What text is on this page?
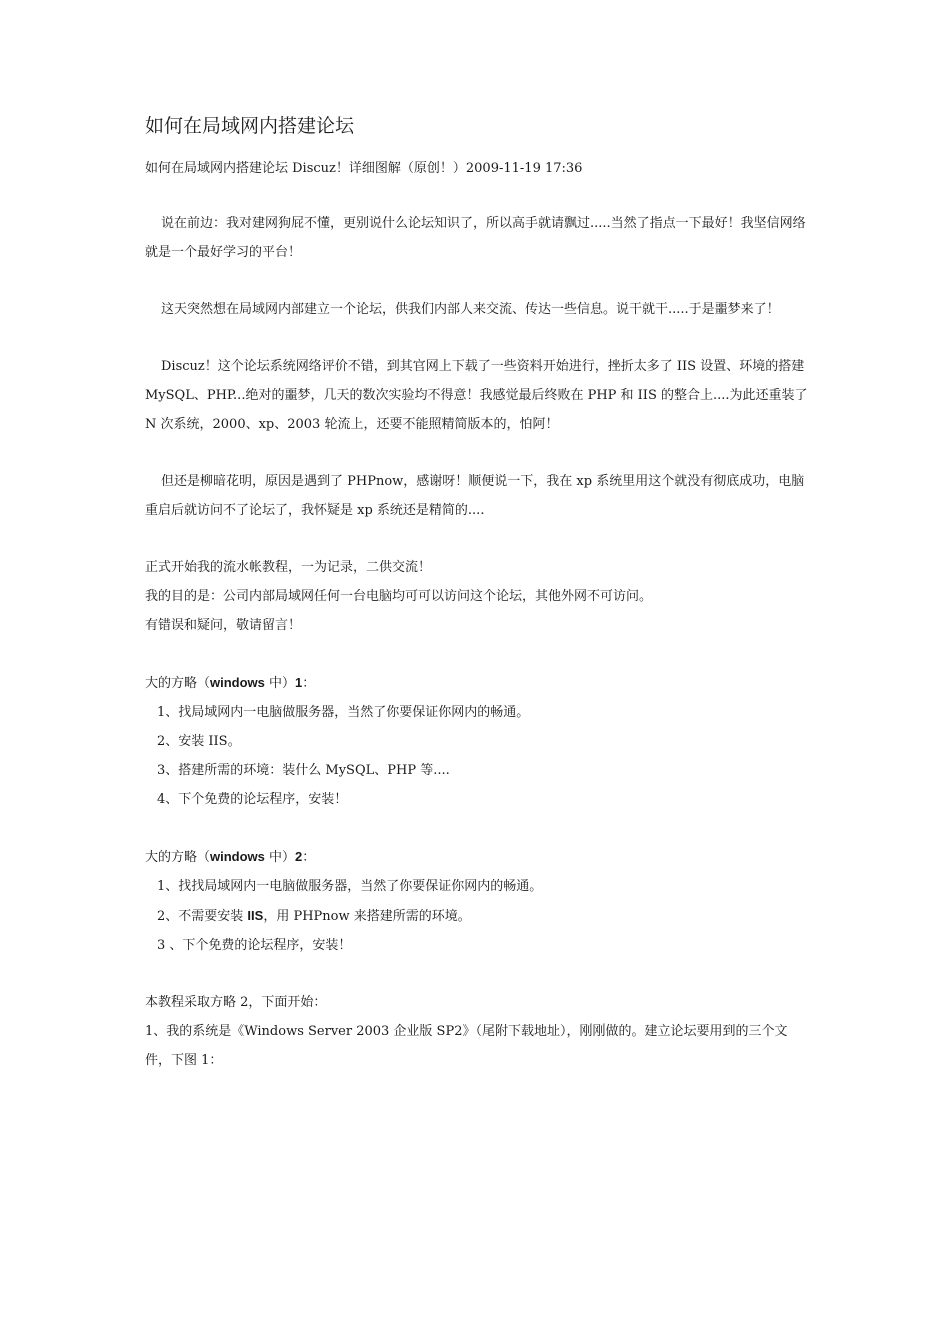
如何在局域网内搭建论坛
如何在局域网内搭建论坛 Discuz！详细图解（原创！）2009-11-19 17:36

说在前边：我对建网狗屁不懂，更别说什么论坛知识了，所以高手就请飘过.....当然了指点一下最好！我坚信网络就是一个最好学习的平台！

这天突然想在局域网内部建立一个论坛，供我们内部人来交流、传达一些信息。说干就干.....于是噩梦来了！

Discuz！这个论坛系统网络评价不错，到其官网上下载了一些资料开始进行，挫折太多了 IIS 设置、环境的搭建 MySQL、PHP...绝对的噩梦，几天的数次实验均不得意！我感觉最后终败在 PHP 和 IIS 的整合上....为此还重装了 N 次系统，2000、xp、2003 轮流上，还要不能照精简版本的，怕阿！

但还是柳暗花明，原因是遇到了 PHPnow，感谢呀！顺便说一下，我在 xp 系统里用这个就没有彻底成功，电脑重启后就访问不了论坛了，我怀疑是 xp 系统还是精简的....

正式开始我的流水帐教程，一为记录，二供交流！

我的目的是：公司内部局域网任何一台电脑均可可以访问这个论坛，其他外网不可访问。

有错误和疑问，敬请留言！

大的方略（windows 中）1：

1、找局域网内一电脑做服务器，当然了你要保证你网内的畅通。

2、安装 IIS。

3、搭建所需的环境：装什么 MySQL、PHP 等....

4、下个免费的论坛程序，安装！

大的方略（windows 中）2：

1、找找局域网内一电脑做服务器，当然了你要保证你网内的畅通。

2、不需要安装 IIS，用 PHPnow 来搭建所需的环境。

3 、下个免费的论坛程序，安装！

本教程采取方略 2，下面开始：

1、我的系统是《Windows Server 2003 企业版 SP2》（尾附下载地址），刚刚做的。建立论坛要用到的三个文件，下图 1：
